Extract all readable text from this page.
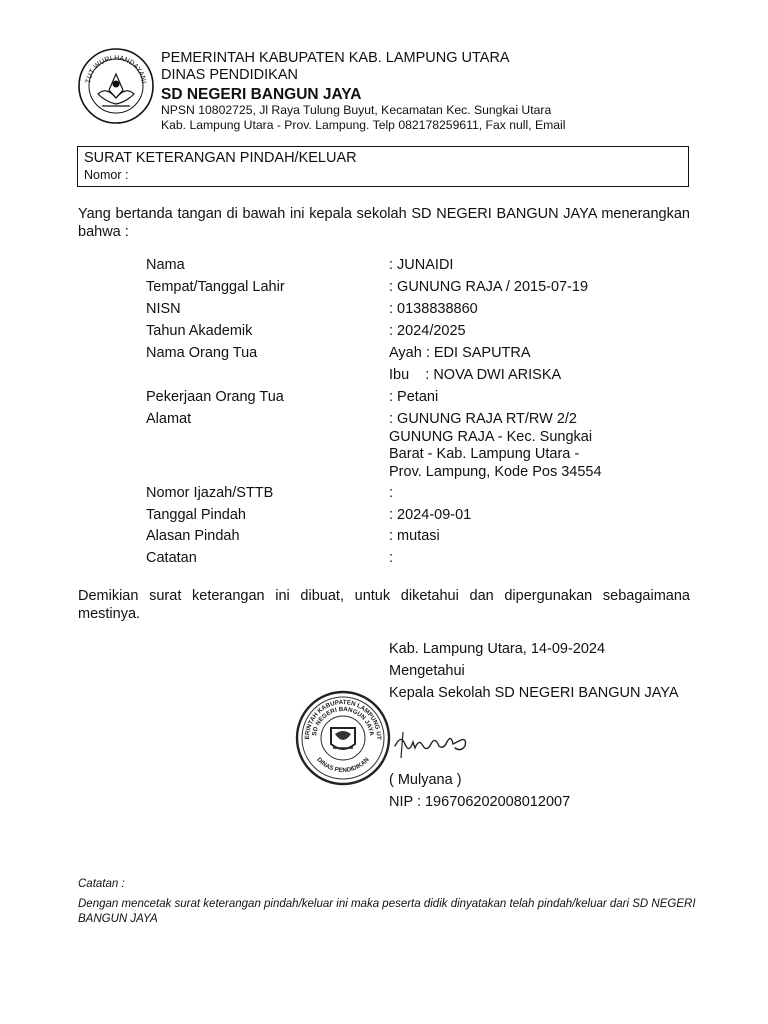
TUT WURI HANDAYANI
PEMERINTAH KABUPATEN KAB. LAMPUNG UTARA
DINAS PENDIDIKAN
SD NEGERI BANGUN JAYA
NPSN 10802725, Jl Raya Tulung Buyut, Kecamatan Kec. Sungkai Utara
Kab. Lampung Utara - Prov. Lampung. Telp 082178259611, Fax null, Email
SURAT KETERANGAN PINDAH/KELUAR
Nomor :
Yang bertanda tangan di bawah ini kepala sekolah SD NEGERI BANGUN JAYA menerangkan bahwa :
Nama	: JUNAIDI
Tempat/Tanggal Lahir	: GUNUNG RAJA / 2015-07-19
NISN	: 0138838860
Tahun Akademik	: 2024/2025
Nama Orang Tua	Ayah : EDI SAPUTRA
Ibu    : NOVA DWI ARISKA
Pekerjaan Orang Tua	: Petani
Alamat	: GUNUNG RAJA RT/RW 2/2
GUNUNG RAJA - Kec. Sungkai
Barat - Kab. Lampung Utara -
Prov. Lampung, Kode Pos 34554
Nomor Ijazah/STTB	:
Tanggal Pindah	: 2024-09-01
Alasan Pindah	: mutasi
Catatan	:
Demikian surat keterangan ini dibuat, untuk diketahui dan dipergunakan sebagaimana mestinya.
Kab. Lampung Utara, 14-09-2024
Mengetahui
Kepala Sekolah SD NEGERI BANGUN JAYA
ERINTAH KABUPATEN LAMPUNG UT
SD NEGERI BANGUN JAYA
DINAS PENDIDIKAN
( Mulyana )
NIP : 196706202008012007
Catatan :
Dengan mencetak surat keterangan pindah/keluar ini maka peserta didik dinyatakan telah pindah/keluar dari SD NEGERI BANGUN JAYA
